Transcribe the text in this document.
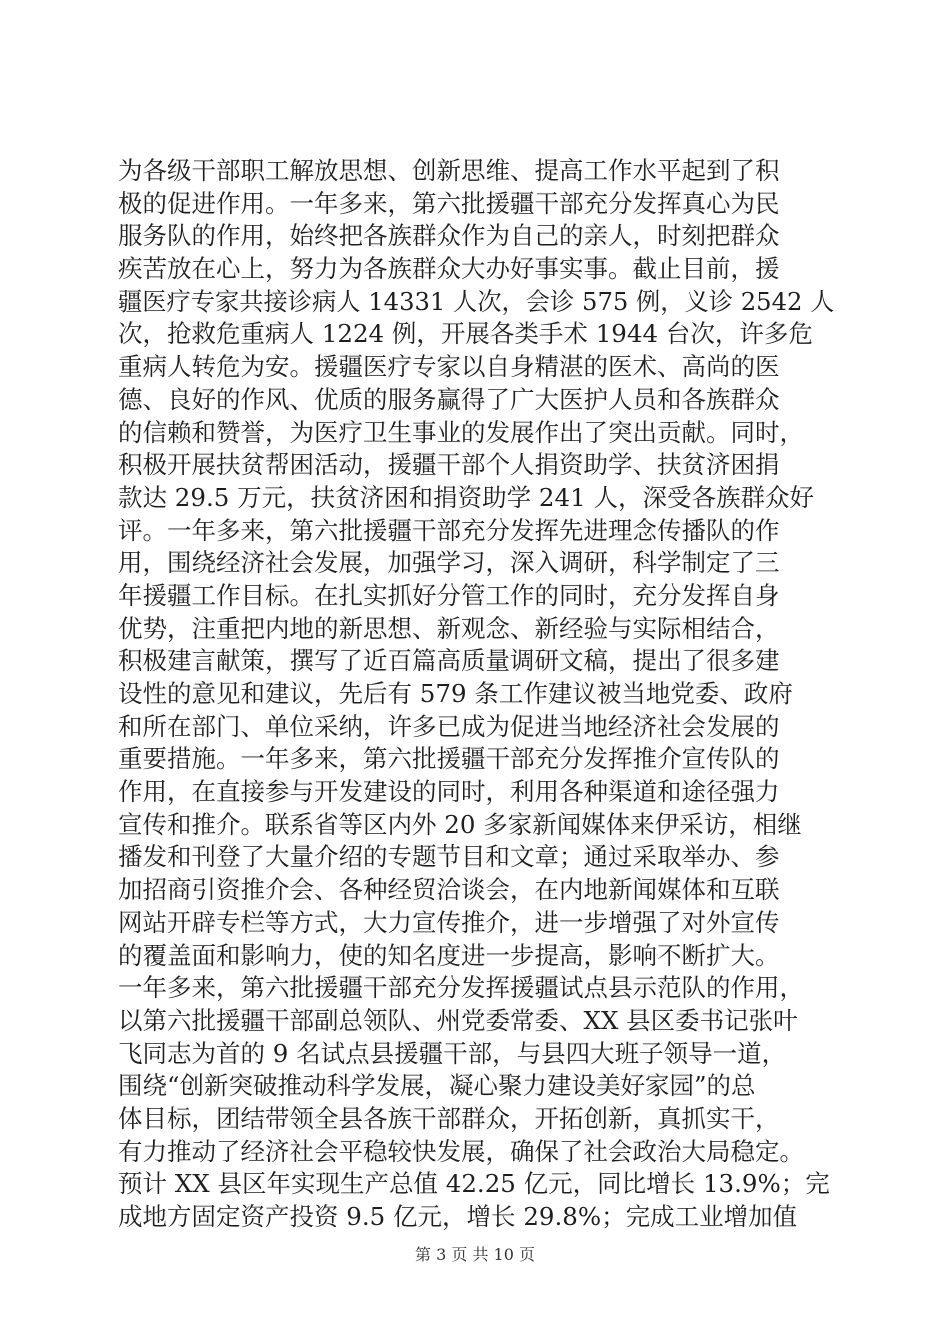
为各级干部职工解放思想、创新思维、提高工作水平起到了积
极的促进作用。一年多来，第六批援疆干部充分发挥真心为民
服务队的作用，始终把各族群众作为自己的亲人，时刻把群众
疾苦放在心上，努力为各族群众大办好事实事。截止目前，援
疆医疗专家共接诊病人 14331 人次，会诊 575 例，义诊 2542 人
次，抢救危重病人 1224 例，开展各类手术 1944 台次，许多危
重病人转危为安。援疆医疗专家以自身精湛的医术、高尚的医
德、良好的作风、优质的服务赢得了广大医护人员和各族群众
的信赖和赞誉，为医疗卫生事业的发展作出了突出贡献。同时，
积极开展扶贫帮困活动，援疆干部个人捐资助学、扶贫济困捐
款达 29.5 万元，扶贫济困和捐资助学 241 人，深受各族群众好
评。一年多来，第六批援疆干部充分发挥先进理念传播队的作
用，围绕经济社会发展，加强学习，深入调研，科学制定了三
年援疆工作目标。在扎实抓好分管工作的同时，充分发挥自身
优势，注重把内地的新思想、新观念、新经验与实际相结合，
积极建言献策，撰写了近百篇高质量调研文稿，提出了很多建
设性的意见和建议，先后有 579 条工作建议被当地党委、政府
和所在部门、单位采纳，许多已成为促进当地经济社会发展的
重要措施。一年多来，第六批援疆干部充分发挥推介宣传队的
作用，在直接参与开发建设的同时，利用各种渠道和途径强力
宣传和推介。联系省等区内外 20 多家新闻媒体来伊采访，相继
播发和刊登了大量介绍的专题节目和文章；通过采取举办、参
加招商引资推介会、各种经贸洽谈会，在内地新闻媒体和互联
网站开辟专栏等方式，大力宣传推介，进一步增强了对外宣传
的覆盖面和影响力，使的知名度进一步提高，影响不断扩大。
一年多来，第六批援疆干部充分发挥援疆试点县示范队的作用，
以第六批援疆干部副总领队、州党委常委、XX 县区委书记张叶
飞同志为首的 9 名试点县援疆干部，与县四大班子领导一道，
围绕“创新突破推动科学发展，凝心聚力建设美好家园”的总
体目标，团结带领全县各族干部群众，开拓创新，真抓实干，
有力推动了经济社会平稳较快发展，确保了社会政治大局稳定。
预计 XX 县区年实现生产总值 42.25 亿元，同比增长 13.9%；完
成地方固定资产投资 9.5 亿元，增长 29.8%；完成工业增加值
第 3 页 共 10 页
